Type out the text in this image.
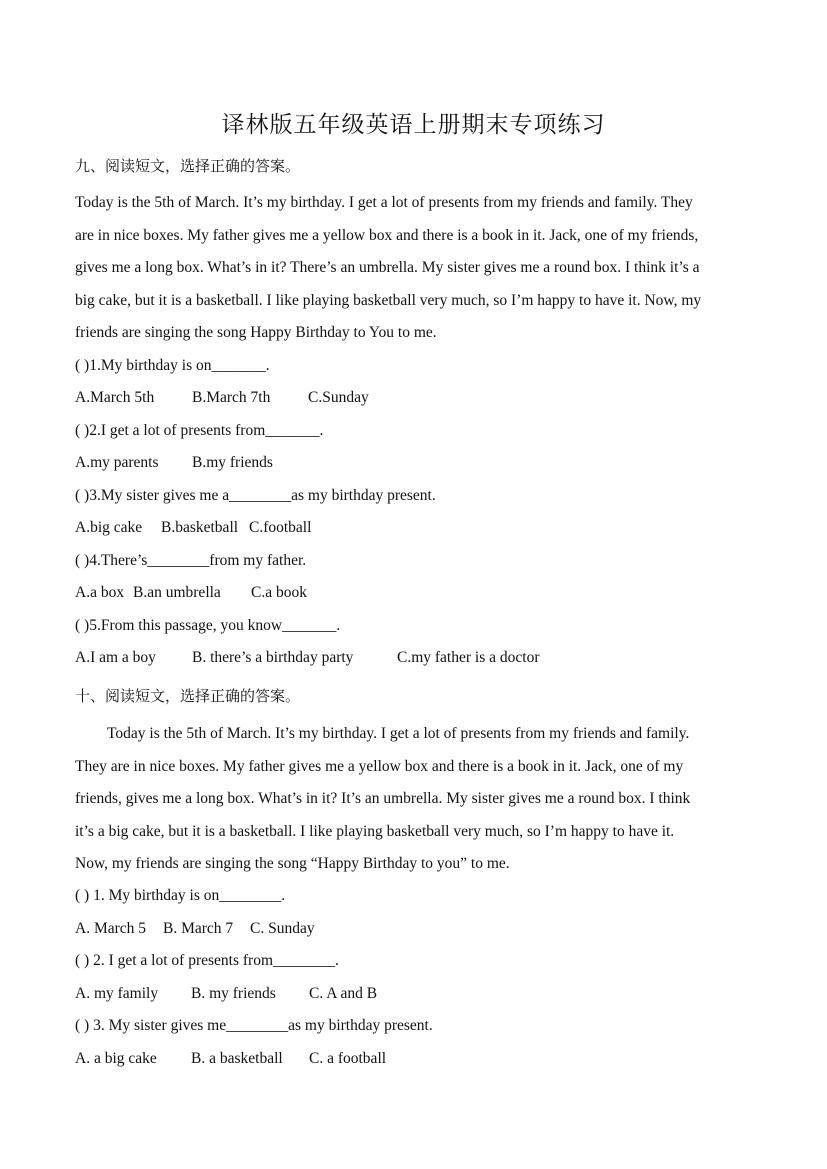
译林版五年级英语上册期末专项练习
九、阅读短文，选择正确的答案。
Today is the 5th of March. It’s my birthday. I get a lot of presents from my friends and family. They
are in nice boxes. My father gives me a yellow box and there is a book in it. Jack, one of my friends,
gives me a long box. What’s in it? There’s an umbrella. My sister gives me a round box. I think it’s a
big cake, but it is a basketball. I like playing basketball very much, so I’m happy to have it. Now, my
friends are singing the song Happy Birthday to You to me.
( )1.My birthday is on_______.
A.March 5th B.March 7th C.Sunday
( )2.I get a lot of presents from_______.
A.my parents B.my friends
( )3.My sister gives me a________as my birthday present.
A.big cake B.basketball C.football
( )4.There’s________from my father.
A.a box B.an umbrella C.a book
( )5.From this passage, you know_______.
A.I am a boy B. there’s a birthday party	C.my father is a doctor
十、阅读短文，选择正确的答案。
Today is the 5th of March. It’s my birthday. I get a lot of presents from my friends and family.
They are in nice boxes. My father gives me a yellow box and there is a book in it. Jack, one of my
friends, gives me a long box. What’s in it? It’s an umbrella. My sister gives me a round box. I think
it’s a big cake, but it is a basketball. I like playing basketball very much, so I’m happy to have it.
Now, my friends are singing the song “Happy Birthday to you” to me.
( ) 1. My birthday is on________.
A. March 5 B. March 7 C. Sunday
( ) 2. I get a lot of presents from________.
A. my family B. my friends C. A and B
( ) 3. My sister gives me________as my birthday present.
A. a big cake B. a basketball C. a football
